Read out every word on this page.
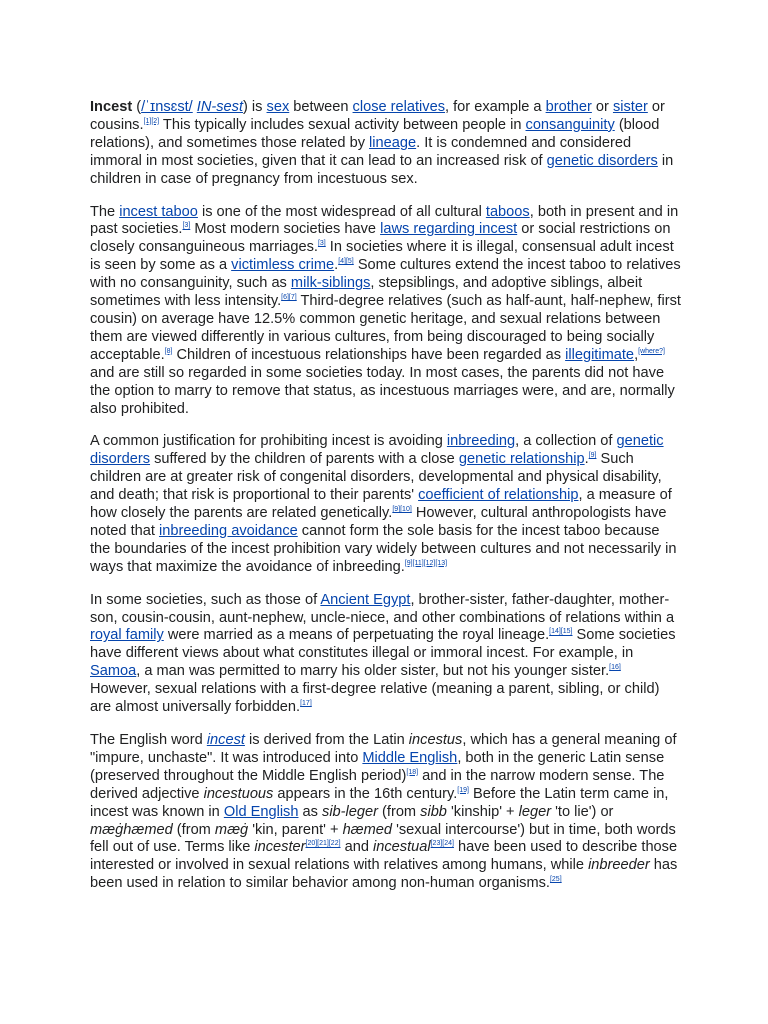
Incest (/ˈɪnsɛst/ IN-sest) is sex between close relatives, for example a brother or sister or cousins.[1][2] This typically includes sexual activity between people in consanguinity (blood relations), and sometimes those related by lineage. It is condemned and considered immoral in most societies, given that it can lead to an increased risk of genetic disorders in children in case of pregnancy from incestuous sex.

The incest taboo is one of the most widespread of all cultural taboos, both in present and in past societies.[3] Most modern societies have laws regarding incest or social restrictions on closely consanguineous marriages.[3] In societies where it is illegal, consensual adult incest is seen by some as a victimless crime.[4][5] Some cultures extend the incest taboo to relatives with no consanguinity, such as milk-siblings, stepsiblings, and adoptive siblings, albeit sometimes with less intensity.[6][7] Third-degree relatives (such as half-aunt, half-nephew, first cousin) on average have 12.5% common genetic heritage, and sexual relations between them are viewed differently in various cultures, from being discouraged to being socially acceptable.[8] Children of incestuous relationships have been regarded as illegitimate,[where?] and are still so regarded in some societies today. In most cases, the parents did not have the option to marry to remove that status, as incestuous marriages were, and are, normally also prohibited.

A common justification for prohibiting incest is avoiding inbreeding, a collection of genetic disorders suffered by the children of parents with a close genetic relationship.[9] Such children are at greater risk of congenital disorders, developmental and physical disability, and death; that risk is proportional to their parents' coefficient of relationship, a measure of how closely the parents are related genetically.[9][10] However, cultural anthropologists have noted that inbreeding avoidance cannot form the sole basis for the incest taboo because the boundaries of the incest prohibition vary widely between cultures and not necessarily in ways that maximize the avoidance of inbreeding.[9][11][12][13]

In some societies, such as those of Ancient Egypt, brother-sister, father-daughter, mother-son, cousin-cousin, aunt-nephew, uncle-niece, and other combinations of relations within a royal family were married as a means of perpetuating the royal lineage.[14][15] Some societies have different views about what constitutes illegal or immoral incest. For example, in Samoa, a man was permitted to marry his older sister, but not his younger sister.[16] However, sexual relations with a first-degree relative (meaning a parent, sibling, or child) are almost universally forbidden.[17]

The English word incest is derived from the Latin incestus, which has a general meaning of "impure, unchaste". It was introduced into Middle English, both in the generic Latin sense (preserved throughout the Middle English period)[18] and in the narrow modern sense. The derived adjective incestuous appears in the 16th century.[19] Before the Latin term came in, incest was known in Old English as sib-leger (from sibb 'kinship' + leger 'to lie') or mæġhæmed (from mæġ 'kin, parent' + hæmed 'sexual intercourse') but in time, both words fell out of use. Terms like incester[20][21][22] and incestual[23][24] have been used to describe those interested or involved in sexual relations with relatives among humans, while inbreeder has been used in relation to similar behavior among non-human organisms.[25]
